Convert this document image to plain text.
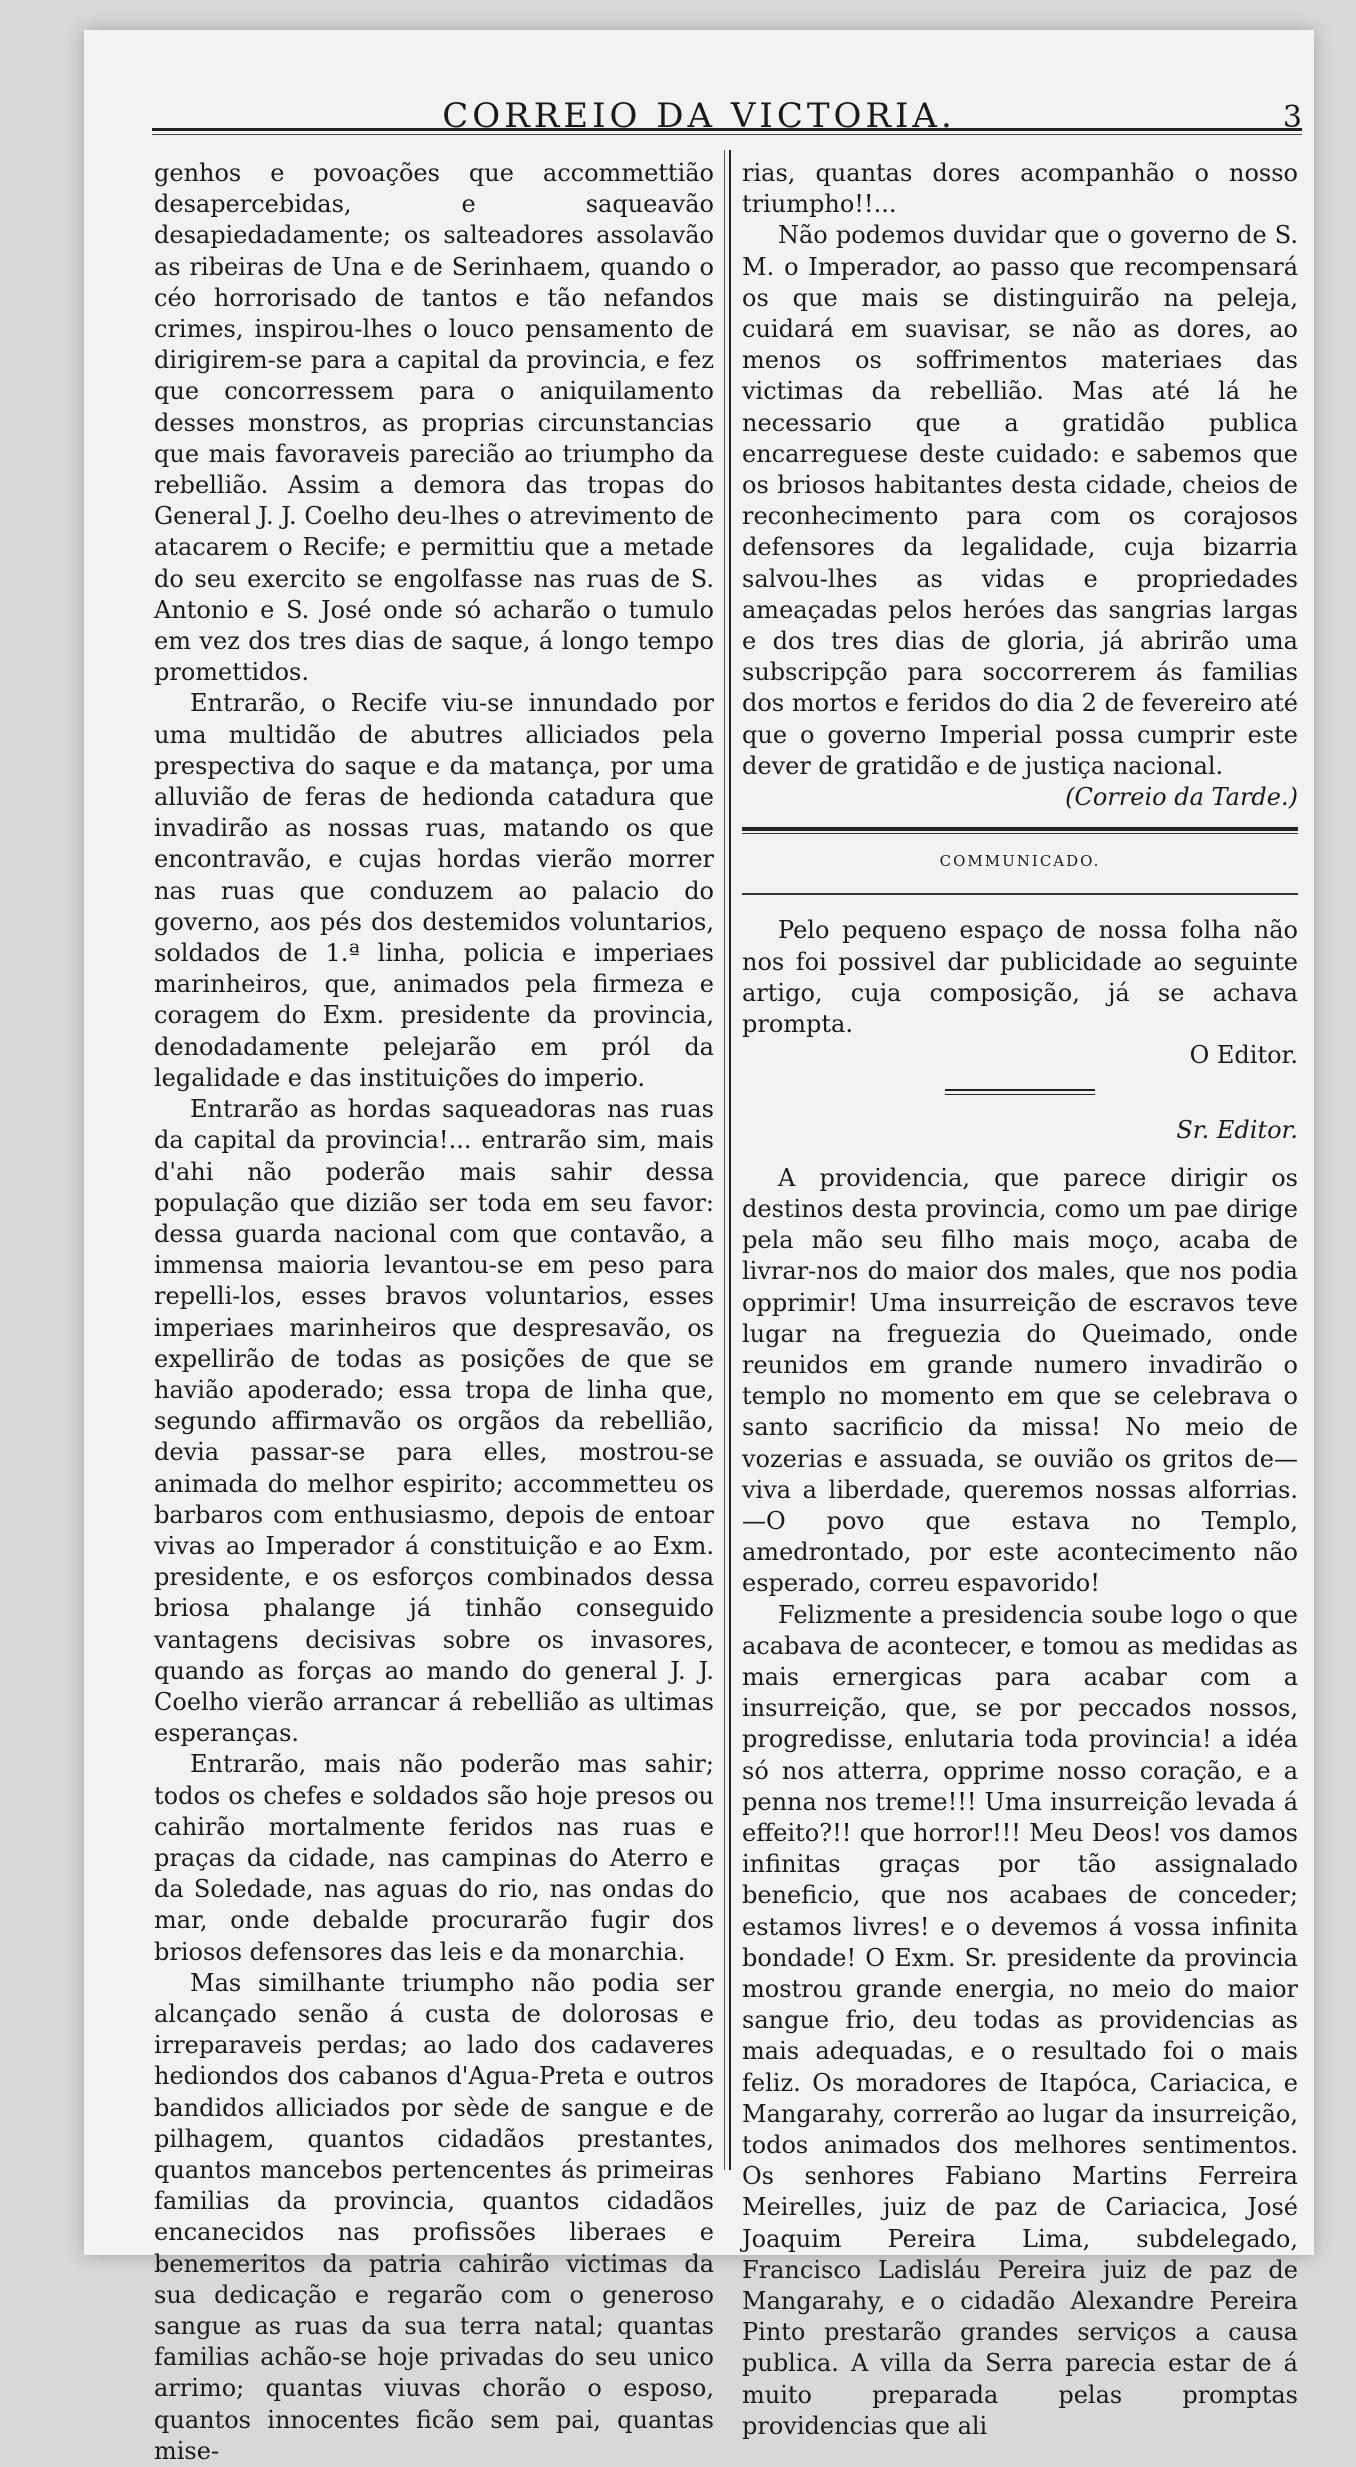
CORREIO DA VICTORIA.	3

genhos e povoações que accommettião desapercebidas, e saqueavão desapiedadamente; os salteadores assolavão as ribeiras de Una e de Serinhaem, quando o céo horrorisado de tantos e tão nefandos crimes, inspirou-lhes o louco pensamento de dirigirem-se para a capital da provincia, e fez que concorressem para o aniquilamento desses monstros, as proprias circunstancias que mais favoraveis parecião ao triumpho da rebellião. Assim a demora das tropas do General J. J. Coelho deu-lhes o atrevimento de atacarem o Recife; e permittiu que a metade do seu exercito se engolfasse nas ruas de S. Antonio e S. José onde só acharão o tumulo em vez dos tres dias de saque, á longo tempo promettidos.

Entrarão, o Recife viu-se innundado por uma multidão de abutres alliciados pela prespectiva do saque e da matança, por uma alluvião de feras de hedionda catadura que invadirão as nossas ruas, matando os que encontravão, e cujas hordas vierão morrer nas ruas que conduzem ao palacio do governo, aos pés dos destemidos voluntarios, soldados de 1.ª linha, policia e imperiaes marinheiros, que, animados pela firmeza e coragem do Exm. presidente da provincia, denodadamente pelejarão em pról da legalidade e das instituições do imperio.

Entrarão as hordas saqueadoras nas ruas da capital da provincia!... entrarão sim, mais d'ahi não poderão mais sahir dessa população que dizião ser toda em seu favor: dessa guarda nacional com que contavão, a immensa maioria levantou-se em peso para repelli-los, esses bravos voluntarios, esses imperiaes marinheiros que despresavão, os expellirão de todas as posições de que se havião apoderado; essa tropa de linha que, segundo affirmavão os orgãos da rebellião, devia passar-se para elles, mostrou-se animada do melhor espirito; accommetteu os barbaros com enthusiasmo, depois de entoar vivas ao Imperador á constituição e ao Exm. presidente, e os esforços combinados dessa briosa phalange já tinhão conseguido vantagens decisivas sobre os invasores, quando as forças ao mando do general J. J. Coelho vierão arrancar á rebellião as ultimas esperanças.

Entrarão, mais não poderão mas sahir; todos os chefes e soldados são hoje presos ou cahirão mortalmente feridos nas ruas e praças da cidade, nas campinas do Aterro e da Soledade, nas aguas do rio, nas ondas do mar, onde debalde procurarão fugir dos briosos defensores das leis e da monarchia.

Mas similhante triumpho não podia ser alcançado senão á custa de dolorosas e irreparaveis perdas; ao lado dos cadaveres hediondos dos cabanos d'Agua-Preta e outros bandidos alliciados por sède de sangue e de pilhagem, quantos cidadãos prestantes, quantos mancebos pertencentes ás primeiras familias da provincia, quantos cidadãos encanecidos nas profissões liberaes e benemeritos da patria cahirão victimas da sua dedicação e regarão com o generoso sangue as ruas da sua terra natal; quantas familias achão-se hoje privadas do seu unico arrimo; quantas viuvas chorão o esposo, quantos innocentes ficão sem pai, quantas mise-

rias, quantas dores acompanhão o nosso triumpho!!...

Não podemos duvidar que o governo de S. M. o Imperador, ao passo que recompensará os que mais se distinguirão na peleja, cuidará em suavisar, se não as dores, ao menos os soffrimentos materiaes das victimas da rebellião. Mas até lá he necessario que a gratidão publica encarreguese deste cuidado: e sabemos que os briosos habitantes desta cidade, cheios de reconhecimento para com os corajosos defensores da legalidade, cuja bizarria salvou-lhes as vidas e propriedades ameaçadas pelos heróes das sangrias largas e dos tres dias de gloria, já abrirão uma subscripção para soccorrerem ás familias dos mortos e feridos do dia 2 de fevereiro até que o governo Imperial possa cumprir este dever de gratidão e de justiça nacional.

(Correio da Tarde.)

COMMUNICADO.

Pelo pequeno espaço de nossa folha não nos foi possivel dar publicidade ao seguinte artigo, cuja composição, já se achava prompta.

O Editor.

Sr. Editor.

A providencia, que parece dirigir os destinos desta provincia, como um pae dirige pela mão seu filho mais moço, acaba de livrar-nos do maior dos males, que nos podia opprimir! Uma insurreição de escravos teve lugar na freguezia do Queimado, onde reunidos em grande numero invadirão o templo no momento em que se celebrava o santo sacrificio da missa! No meio de vozerias e assuada, se ouvião os gritos de—viva a liberdade, queremos nossas alforrias.—O povo que estava no Templo, amedrontado, por este acontecimento não esperado, correu espavorido!

Felizmente a presidencia soube logo o que acabava de acontecer, e tomou as medidas as mais ernergicas para acabar com a insurreição, que, se por peccados nossos, progredisse, enlutaria toda provincia! a idéa só nos atterra, opprime nosso coração, e a penna nos treme!!! Uma insurreição levada á effeito?!! que horror!!! Meu Deos! vos damos infinitas graças por tão assignalado beneficio, que nos acabaes de conceder; estamos livres! e o devemos á vossa infinita bondade! O Exm. Sr. presidente da provincia mostrou grande energia, no meio do maior sangue frio, deu todas as providencias as mais adequadas, e o resultado foi o mais feliz. Os moradores de Itapóca, Cariacica, e Mangarahy, correrão ao lugar da insurreição, todos animados dos melhores sentimentos. Os senhores Fabiano Martins Ferreira Meirelles, juiz de paz de Cariacica, José Joaquim Pereira Lima, subdelegado, Francisco Ladisláu Pereira juiz de paz de Mangarahy, e o cidadão Alexandre Pereira Pinto prestarão grandes serviços a causa publica. A villa da Serra parecia estar de á muito preparada pelas promptas providencias que ali
